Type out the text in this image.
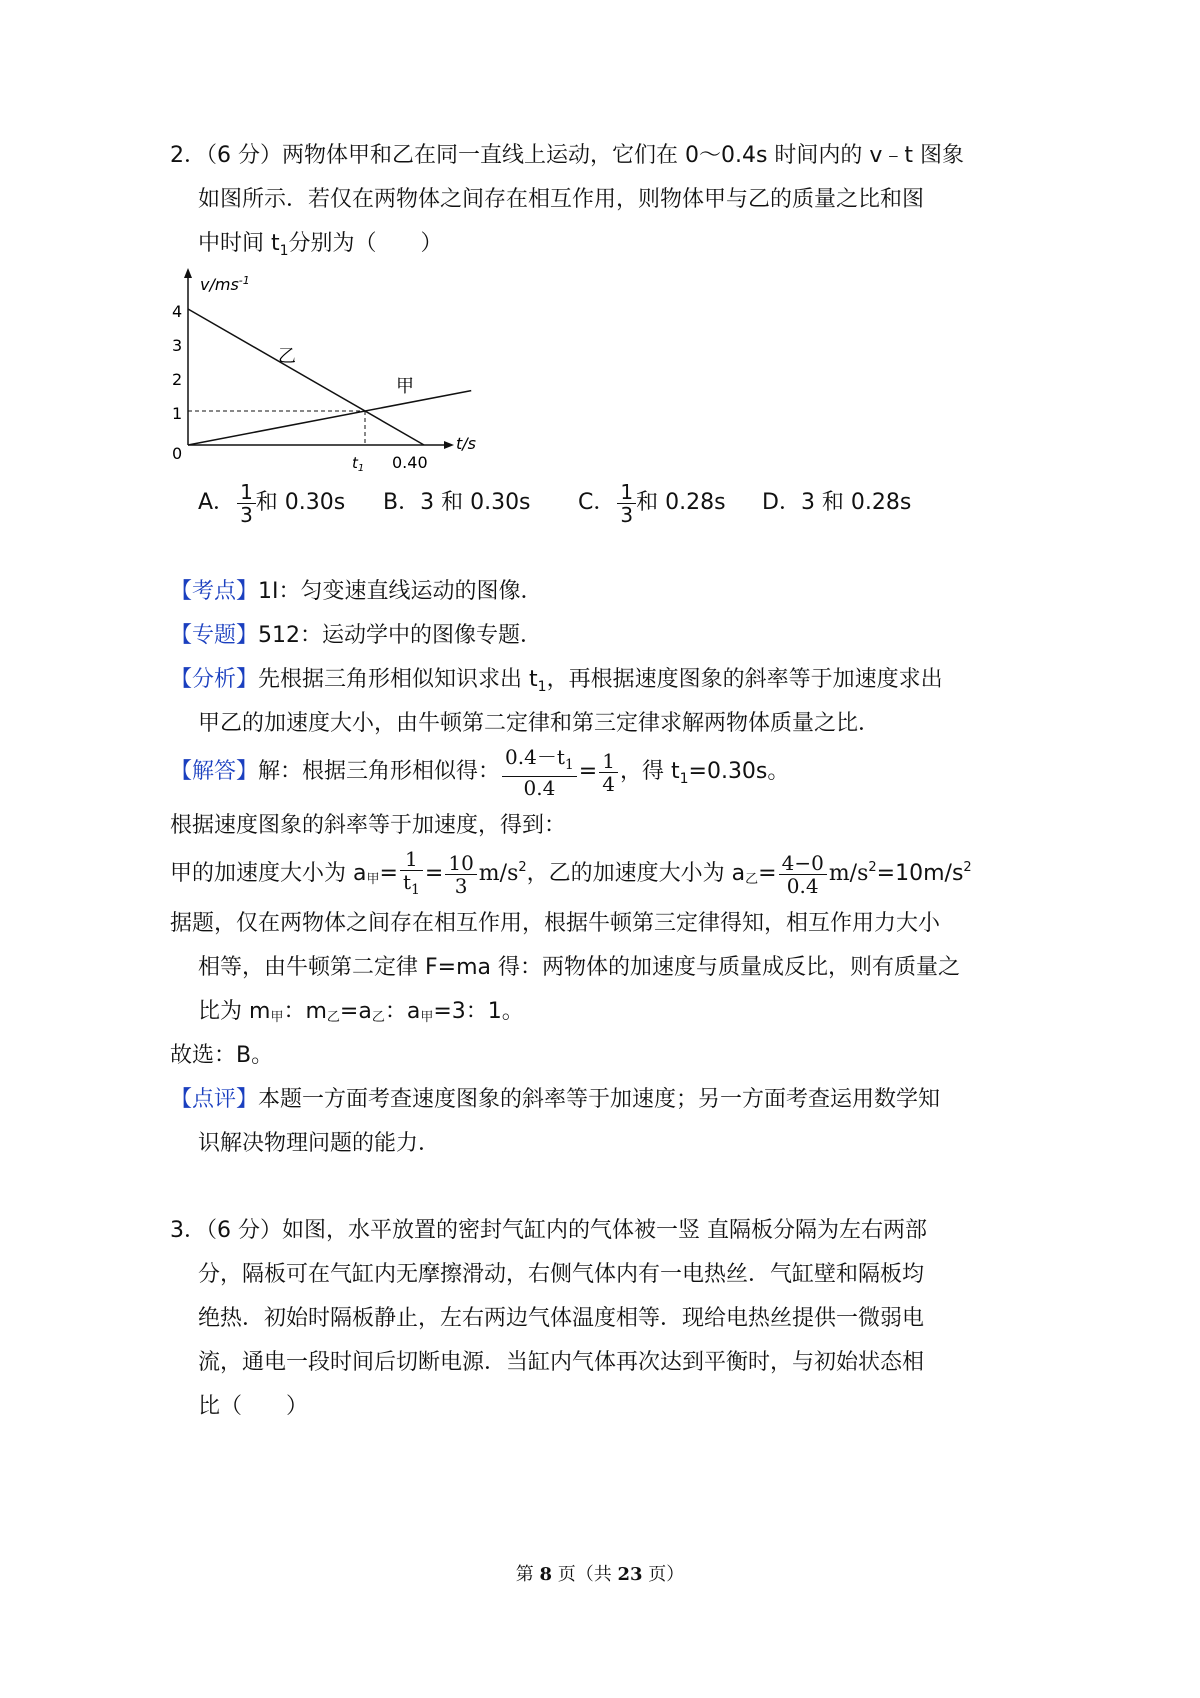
2．（6 分）两物体甲和乙在同一直线上运动，它们在 0～0.4s 时间内的 v﹣t 图象
如图所示．若仅在两物体之间存在相互作用，则物体甲与乙的质量之比和图
中时间 $t_1$分别为（　　）
$v/ms^{-1}$
t/s
4
3
2
1
0
乙
甲
$t_1$ 0.40
A． $\frac{1}{3}$ 和 0.30s B．3 和 0.30s C． $\frac{1}{3}$ 和 0.28s D．3 和 0.28s
【考点】1I：匀变速直线运动的图像．
【专题】512：运动学中的图像专题．
【分析】先根据三角形相似知识求出 $t_1$，再根据速度图象的斜率等于加速度求出
甲乙的加速度大小，由牛顿第二定律和第三定律求解两物体质量之比．
【解答】解：根据三角形相似得： $\frac{0.4-t_1}{0.4} = \frac{1}{4}$ ，得 $t_1=0.30s$。
根据速度图象的斜率等于加速度，得到：
甲的加速度大小为 a甲= $\frac{1}{t_1} = \frac{10}{3} m/s^2$，乙的加速度大小为 a乙= $\frac{4-0}{0.4} m/s^2=10m/s^2$
据题，仅在两物体之间存在相互作用，根据牛顿第三定律得知，相互作用力大小
相等，由牛顿第二定律 F=ma 得：两物体的加速度与质量成反比，则有质量之
比为 m甲：m乙=a乙：a甲=3：1。
故选：B。
【点评】本题一方面考查速度图象的斜率等于加速度；另一方面考查运用数学知
识解决物理问题的能力．
3．（6 分）如图，水平放置的密封气缸内的气体被一竖 直隔板分隔为左右两部
分，隔板可在气缸内无摩擦滑动，右侧气体内有一电热丝．气缸壁和隔板均
绝热．初始时隔板静止，左右两边气体温度相等．现给电热丝提供一微弱电
流，通电一段时间后切断电源．当缸内气体再次达到平衡时，与初始状态相
比（　　）
第 8 页（共 23 页）
